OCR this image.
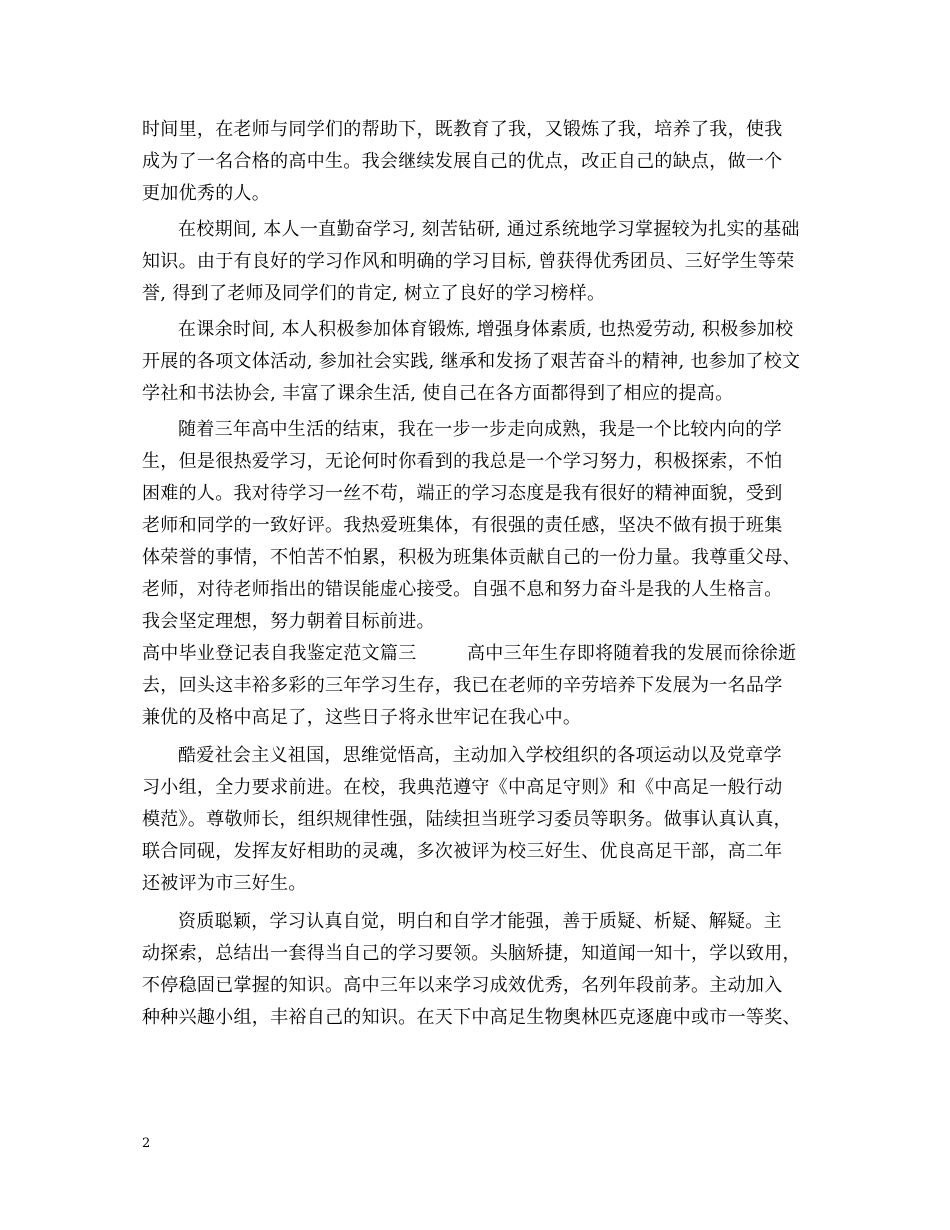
时间里，在老师与同学们的帮助下，既教育了我，又锻炼了我，培养了我，使我
成为了一名合格的高中生。我会继续发展自己的优点，改正自己的缺点，做一个
更加优秀的人。
在校期间, 本人一直勤奋学习, 刻苦钻研, 通过系统地学习掌握较为扎实的基础
知识。由于有良好的学习作风和明确的学习目标, 曾获得优秀团员、三好学生等荣
誉, 得到了老师及同学们的肯定, 树立了良好的学习榜样。
在课余时间, 本人积极参加体育锻炼, 增强身体素质, 也热爱劳动, 积极参加校
开展的各项文体活动, 参加社会实践, 继承和发扬了艰苦奋斗的精神, 也参加了校文
学社和书法协会, 丰富了课余生活, 使自己在各方面都得到了相应的提高。
随着三年高中生活的结束，我在一步一步走向成熟，我是一个比较内向的学
生，但是很热爱学习，无论何时你看到的我总是一个学习努力，积极探索，不怕
困难的人。我对待学习一丝不苟，端正的学习态度是我有很好的精神面貌，受到
老师和同学的一致好评。我热爱班集体，有很强的责任感，坚决不做有损于班集
体荣誉的事情，不怕苦不怕累，积极为班集体贡献自己的一份力量。我尊重父母、
老师，对待老师指出的错误能虚心接受。自强不息和努力奋斗是我的人生格言。
我会坚定理想，努力朝着目标前进。
高中毕业登记表自我鉴定范文篇三	高中三年生存即将随着我的发展而徐徐逝
去，回头这丰裕多彩的三年学习生存，我已在老师的辛劳培养下发展为一名品学
兼优的及格中高足了，这些日子将永世牢记在我心中。
酷爱社会主义祖国，思维觉悟高，主动加入学校组织的各项运动以及党章学
习小组，全力要求前进。在校，我典范遵守《中高足守则》和《中高足一般行动
模范》。尊敬师长，组织规律性强，陆续担当班学习委员等职务。做事认真认真，
联合同砚，发挥友好相助的灵魂，多次被评为校三好生、优良高足干部，高二年
还被评为市三好生。
资质聪颖，学习认真自觉，明白和自学才能强，善于质疑、析疑、解疑。主
动探索，总结出一套得当自己的学习要领。头脑矫捷，知道闻一知十，学以致用，
不停稳固已掌握的知识。高中三年以来学习成效优秀，名列年段前茅。主动加入
种种兴趣小组，丰裕自己的知识。在天下中高足生物奥林匹克逐鹿中或市一等奖、
2
